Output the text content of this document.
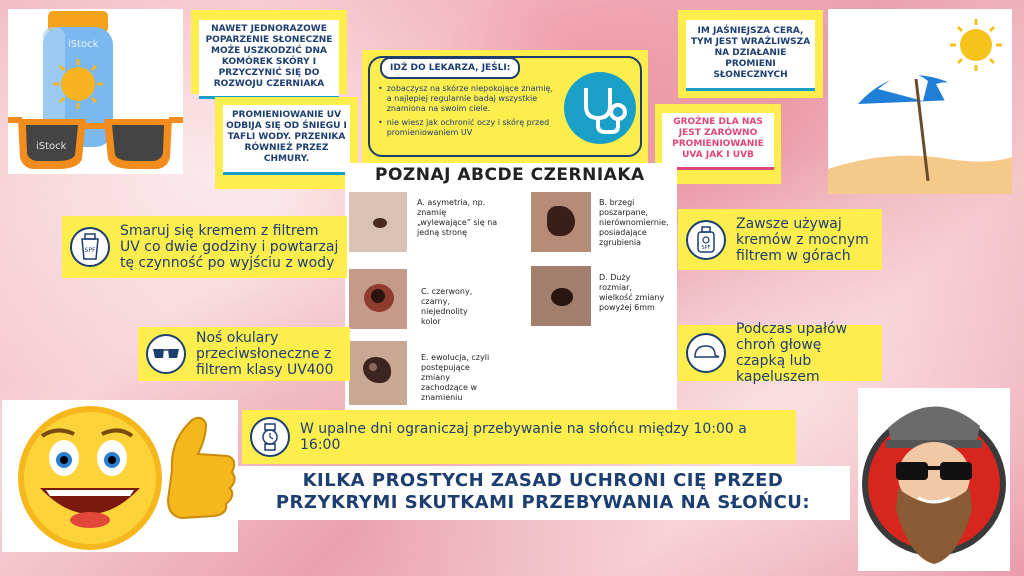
iStock
iStock
NAWET JEDNORAZOWE POPARZENIE SŁONECZNE MOŻE USZKODZIĆ DNA KOMÓREK SKÓRY I PRZYCZYNIĆ SIĘ DO ROZWOJU CZERNIAKA
PROMIENIOWANIE UV ODBIJA SIĘ OD ŚNIEGU I TAFLI WODY. PRZENIKA RÓWNIEŻ PRZEZ CHMURY.
IDŹ DO LEKARZA, JEŚLI:
• zobaczysz na skórze niepokojące znamię, a najlepiej regularnie badaj wszystkie znamiona na swoim ciele.
• nie wiesz jak ochronić oczy i skórę przed promieniowaniem UV
IM JAŚNIEJSZA CERA, TYM JEST WRAŻLIWSZA NA DZIAŁANIE PROMIENI SŁONECZNYCH
GROŹNE DLA NAS JEST ZARÓWNO PROMIENIOWANIE UVA JAK I UVB
POZNAJ ABCDE CZERNIAKA
A. asymetria, np. znamię „wylewające” się na jedną stronę
B. brzegi poszarpane, nierównomiernie, posiadające zgrubienia
C. czerwony, czarny, niejednolity kolor
D. Duży rozmiar, wielkość zmiany powyżej 6mm
E. ewolucja, czyli postępujące zmiany zachodzące w znamieniu
SPF
Smaruj się kremem z filtrem UV co dwie godziny i powtarzaj tę czynność po wyjściu z wody
SPF
Zawsze używaj kremów z mocnym filtrem w górach
Noś okulary przeciwsłoneczne z filtrem klasy UV400
Podczas upałów chroń głowę czapką lub kapeluszem
W upalne dni ograniczaj przebywanie na słońcu między 10:00 a 16:00
KILKA PROSTYCH ZASAD UCHRONI CIĘ PRZED
PRZYKRYMI SKUTKAMI PRZEBYWANIA NA SŁOŃCU:
